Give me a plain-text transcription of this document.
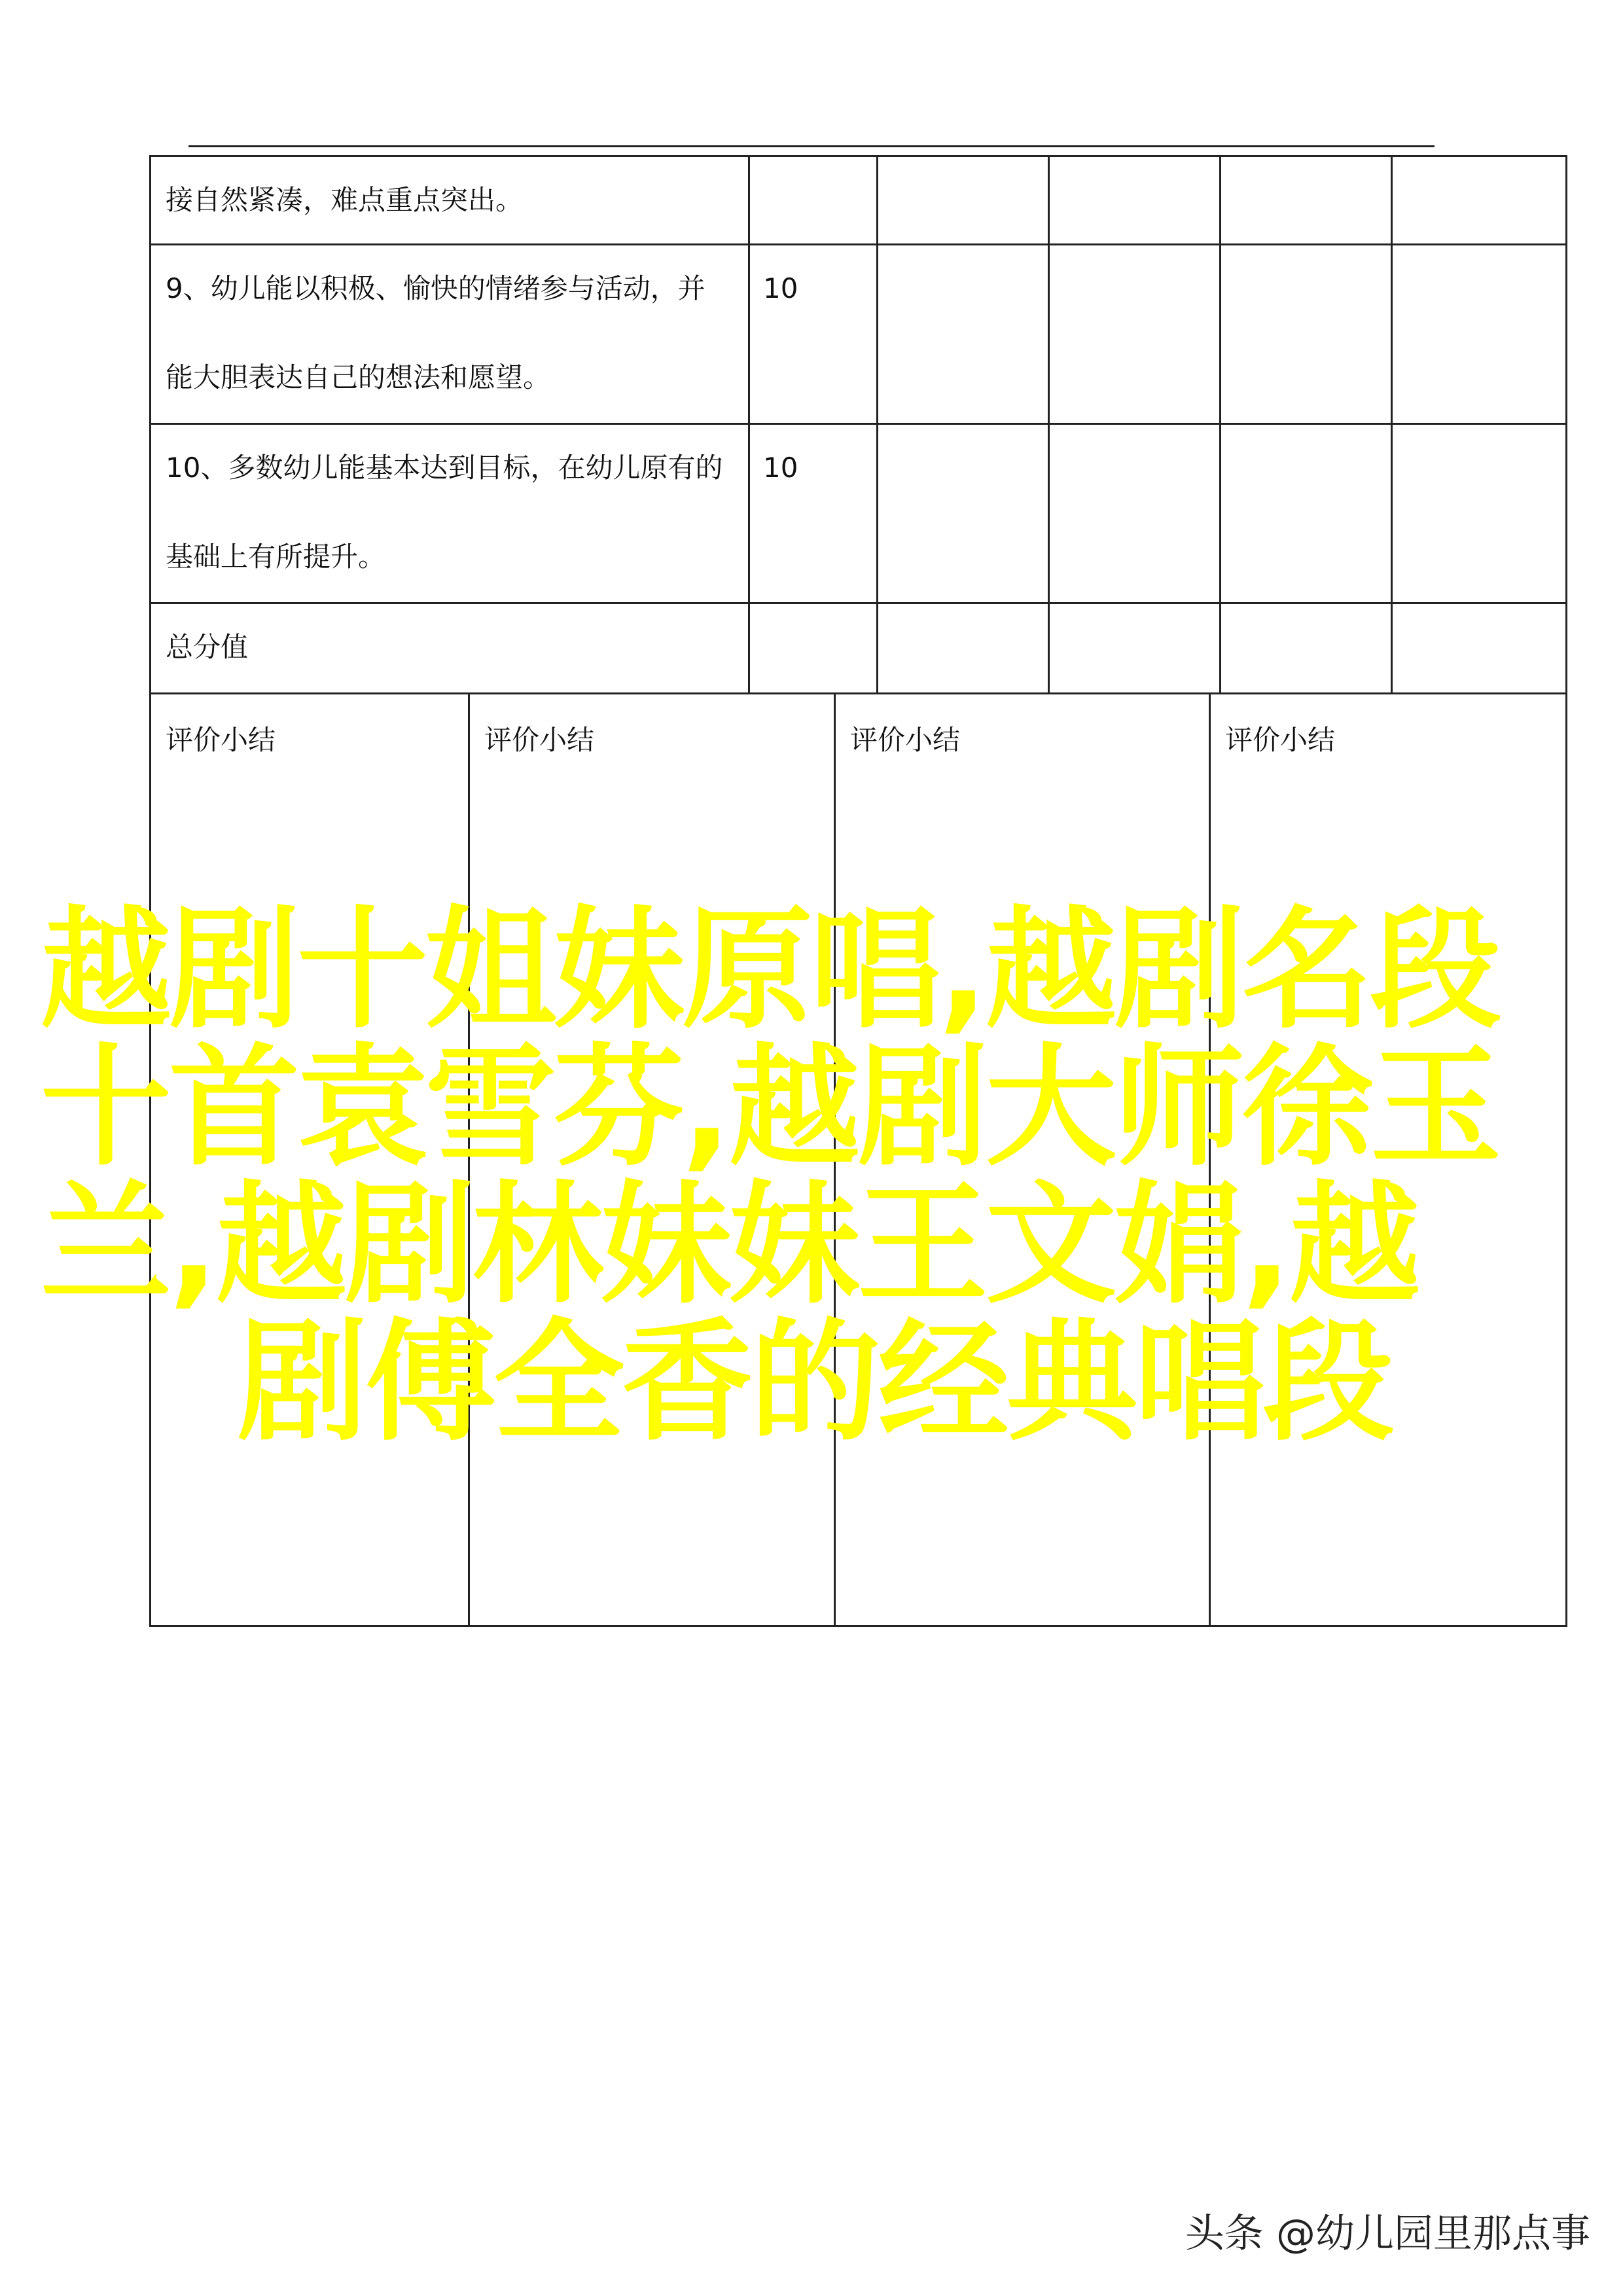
接自然紧凑，难点重点突出。					

9、幼儿能以积极、愉快的情绪参与活动，并
能大胆表达自己的想法和愿望。	10				

10、多数幼儿能基本达到目标，在幼儿原有的
基础上有所提升。	10				

总分值					

评价小结	评价小结	评价小结	评价小结
越剧十姐妹原唱,越剧名段
十首袁雪芬,越剧大师徐玉
兰,越剧林妹妹王文娟,越
剧傅全香的经典唱段
头条 @幼儿园里那点事
